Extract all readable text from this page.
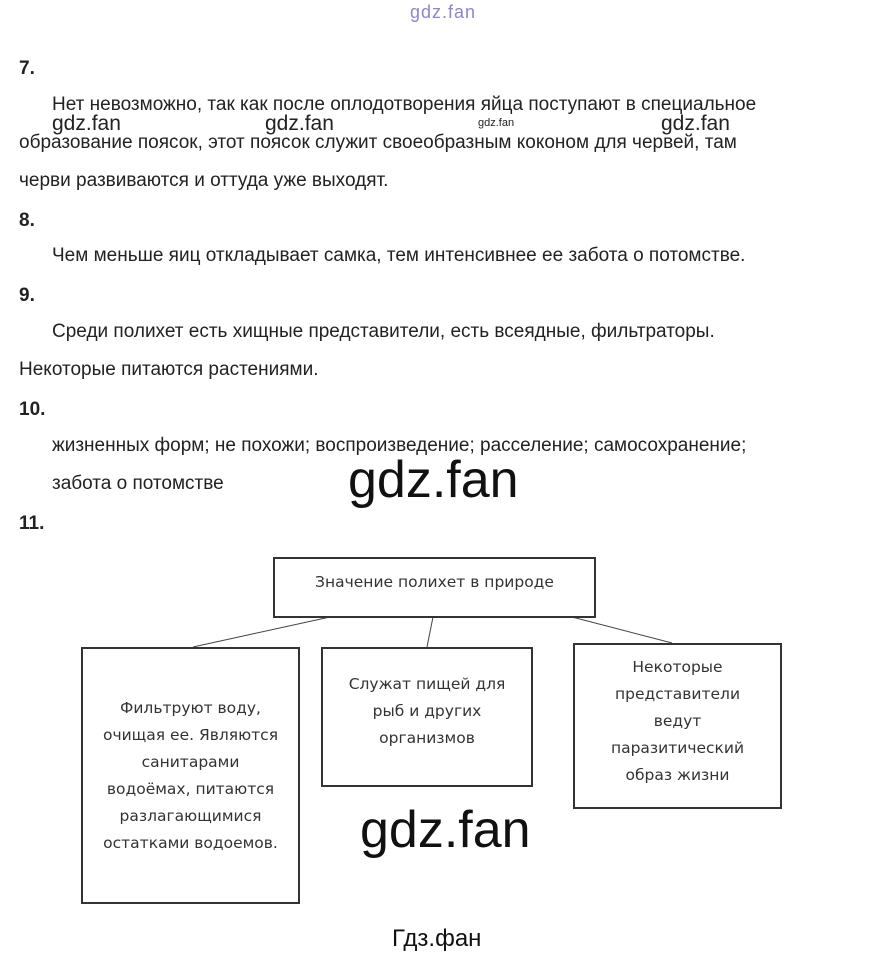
gdz.fan
7.
Нет невозможно, так как после оплодотворения яйца поступают в специальное
образование поясок, этот поясок служит своеобразным коконом для червей, там
черви развиваются и оттуда уже выходят.
gdz.fan	gdz.fan	gdz.fan	gdz.fan
8.
Чем меньше яиц откладывает самка, тем интенсивнее ее забота о потомстве.
9.
Среди полихет есть хищные представители, есть всеядные, фильтраторы.
Некоторые питаются растениями.
10.
жизненных форм; не похожи; воспроизведение; расселение; самосохранение;
забота о потомстве gdz.fan
11.
Значение полихет в природе
Фильтруют воду,
очищая ее. Являются
санитарами
водоёмах, питаются
разлагающимися
остатками водоемов.
Служат пищей для
рыб и других
организмов
Некоторые
представители
ведут
паразитический
образ жизни
gdz.fan
Гдз.фан
